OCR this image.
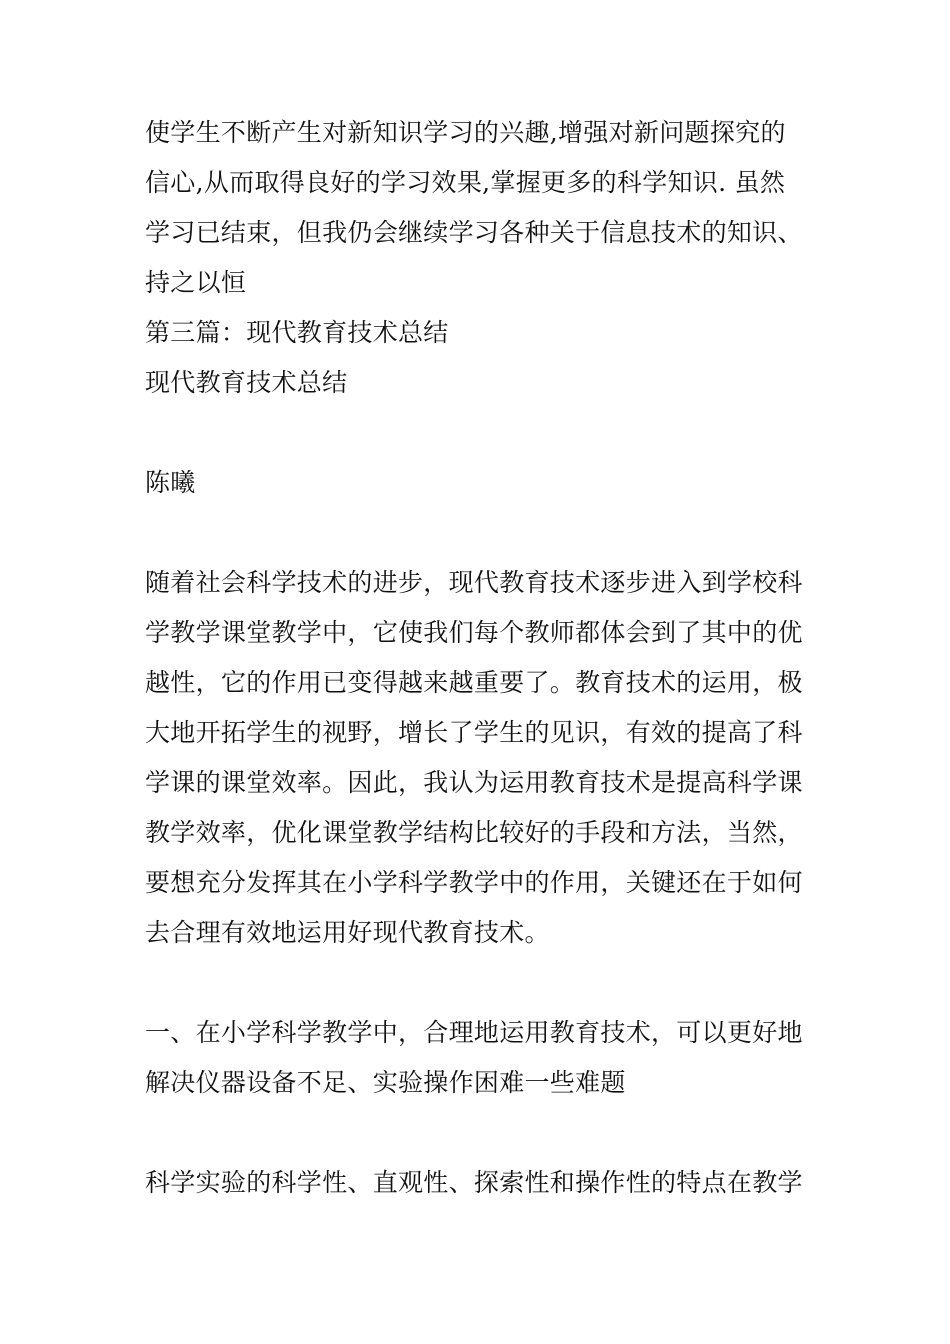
使学生不断产生对新知识学习的兴趣,增强对新问题探究的
信心,从而取得良好的学习效果,掌握更多的科学知识. 虽然
学习已结束，但我仍会继续学习各种关于信息技术的知识、
持之以恒
第三篇：现代教育技术总结
现代教育技术总结
陈曦
随着社会科学技术的进步，现代教育技术逐步进入到学校科
学教学课堂教学中，它使我们每个教师都体会到了其中的优
越性，它的作用已变得越来越重要了。教育技术的运用，极
大地开拓学生的视野，增长了学生的见识，有效的提高了科
学课的课堂效率。因此，我认为运用教育技术是提高科学课
教学效率，优化课堂教学结构比较好的手段和方法，当然，
要想充分发挥其在小学科学教学中的作用，关键还在于如何
去合理有效地运用好现代教育技术。
一、在小学科学教学中，合理地运用教育技术，可以更好地
解决仪器设备不足、实验操作困难一些难题
科学实验的科学性、直观性、探索性和操作性的特点在教学
